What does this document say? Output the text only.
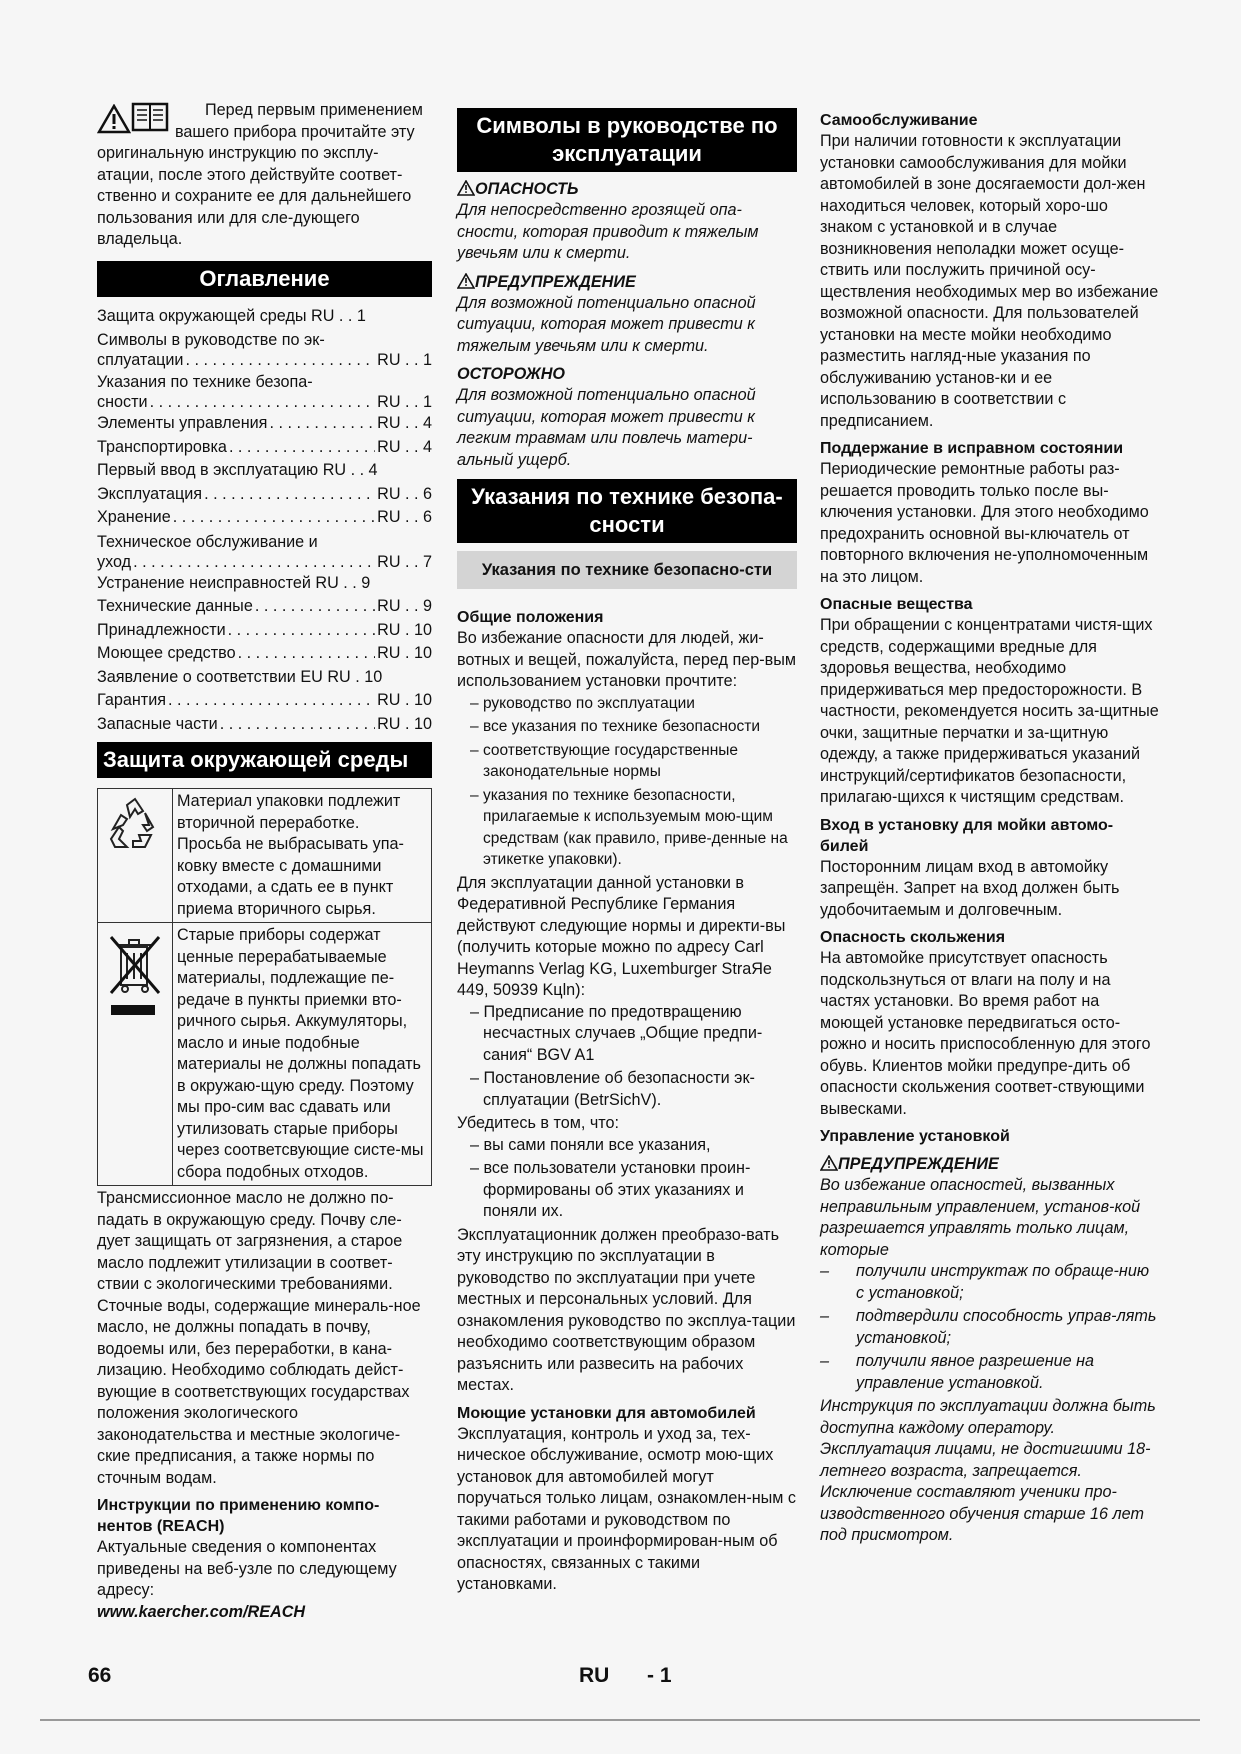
Перед первым применением вашего прибора прочитайте эту оригинальную инструкцию по эксплу-атации, после этого действуйте соответ-ственно и сохраните ее для дальнейшего пользования или для сле-дующего владельца.

Оглавление
Защита окружающей среды RU . . 1
Символы в руководстве по эк-
сплуатации . . .	RU . . 1
Указания по технике безопа-
сности . . .	RU . . 1
Элементы управления . . .	RU . . 4
Транспортировка . . .	RU . . 4
Первый ввод в эксплуатацию RU . . 4
Эксплуатация . . .	RU . . 6
Хранение . . .	RU . . 6
Техническое обслуживание и
уход . . .	RU . . 7
Устранение неисправностей RU . . 9
Технические данные . . .	RU . . 9
Принадлежности . . .	RU . 10
Моющее средство . . .	RU . 10
Заявление о соответствии EU RU . 10
Гарантия . . .	RU . 10
Запасные части . . .	RU . 10
Защита окружающей среды
	Материал упаковки подлежит вторичной переработке. Просьба не выбрасывать упа-ковку вместе с домашними отходами, а сдать ее в пункт приема вторичного сырья.
	Старые приборы содержат ценные перерабатываемые материалы, подлежащие пе-редаче в пункты приемки вто-ричного сырья. Аккумуляторы, масло и иные подобные материалы не должны попадать в окружаю-щую среду. Поэтому мы про-сим вас сдавать или утилизовать старые приборы через соответсвующие систе-мы сбора подобных отходов.

Трансмиссионное масло не должно по-падать в окружающую среду. Почву сле-дует защищать от загрязнения, а старое масло подлежит утилизации в соответ-ствии с экологическими требованиями. Сточные воды, содержащие минераль-ное масло, не должны попадать в почву, водоемы или, без переработки, в кана-лизацию. Необходимо соблюдать дейст-вующие в соответствующих государствах положения экологического законодательства и местные экологиче-ские предписания, а также нормы по сточным водам.

Инструкции по применению компо-нентов (REACH)

Актуальные сведения о компонентах приведены на веб-узле по следующему адресу:

www.kaercher.com/REACH

Символы в руководстве по эксплуатации
ОПАСНОСТЬ

Для непосредственно грозящей опа-сности, которая приводит к тяжелым увечьям или к смерти.

ПРЕДУПРЕЖДЕНИЕ

Для возможной потенциально опасной ситуации, которая может привести к тяжелым увечьям или к смерти.

ОСТОРОЖНО

Для возможной потенциально опасной ситуации, которая может привести к легким травмам или повлечь матери-альный ущерб.

Указания по технике безопа-сности
Указания по технике безопасно-сти

Общие положения

Во избежание опасности для людей, жи-вотных и вещей, пожалуйста, перед пер-вым использованием установки прочтите:

– руководство по эксплуатации
– все указания по технике безопасности
– соответствующие государственные законодательные нормы
– указания по технике безопасности, прилагаемые к используемым мою-щим средствам (как правило, приве-денные на этикетке упаковки).

Для эксплуатации данной установки в Федеративной Республике Германия действуют следующие нормы и директи-вы (получить которые можно по адресу Carl Heymanns Verlag KG, Luxemburger StraЯe 449, 50939 Kцln):

– Предписание по предотвращению несчастных случаев „Общие предпи-сания“ BGV A1
– Постановление об безопасности эк-сплуатации (BetrSichV).

Убедитесь в том, что:

– вы сами поняли все указания,
– все пользователи установки проин-формированы об этих указаниях и поняли их.

Эксплуатационник должен преобразо-вать эту инструкцию по эксплуатации в руководство по эксплуатации при учете местных и персональных условий. Для ознакомления руководство по эксплуа-тации необходимо соответствующим образом разъяснить или развесить на рабочих местах.

Моющие установки для автомобилей

Эксплуатация, контроль и уход за, тех-ническое обслуживание, осмотр мою-щих установок для автомобилей могут поручаться только лицам, ознакомлен-ным с такими работами и руководством по эксплуатации и проинформирован-ным об опасностях, связанных с такими установками.

Самообслуживание

При наличии готовности к эксплуатации установки самообслуживания для мойки автомобилей в зоне досягаемости дол-жен находиться человек, который хоро-шо знаком с установкой и в случае возникновения неполадки может осуще-ствить или послужить причиной осу-ществления необходимых мер во избежание возможной опасности. Для пользователей установки на месте мойки необходимо разместить нагляд-ные указания по обслуживанию установ-ки и ее использованию в соответствии с предписанием.

Поддержание в исправном состоянии

Периодические ремонтные работы раз-решается проводить только после вы-ключения установки. Для этого необходимо предохранить основной вы-ключатель от повторного включения не-уполномоченным на это лицом.

Опасные вещества

При обращении с концентратами чистя-щих средств, содержащими вредные для здоровья вещества, необходимо придерживаться мер предосторожности. В частности, рекомендуется носить за-щитные очки, защитные перчатки и за-щитную одежду, а также придерживаться указаний инструкций/сертификатов безопасности, прилагаю-щихся к чистящим средствам.

Вход в установку для мойки автомо-билей

Посторонним лицам вход в автомойку запрещён. Запрет на вход должен быть удобочитаемым и долговечным.

Опасность скольжения

На автомойке присутствует опасность подскользнуться от влаги на полу и на частях установки. Во время работ на моющей установке передвигаться осто-рожно и носить приспособленную для этого обувь. Клиентов мойки предупре-дить об опасности скольжения соответ-ствующими вывесками.

Управление установкой

ПРЕДУПРЕЖДЕНИЕ

Во избежание опасностей, вызванных неправильным управлением, установ-кой разрешается управлять только лицам, которые

–      получили инструктаж по обраще-нию с установкой;
–      подтвердили способность управ-лять установкой;
–      получили явное разрешение на управление установкой.

Инструкция по эксплуатации должна быть доступна каждому оператору. Эксплуатация лицами, не достигшими 18-летнего возраста, запрещается. Исключение составляют ученики про-изводственного обучения старше 16 лет под присмотром.

66	RU - 1
